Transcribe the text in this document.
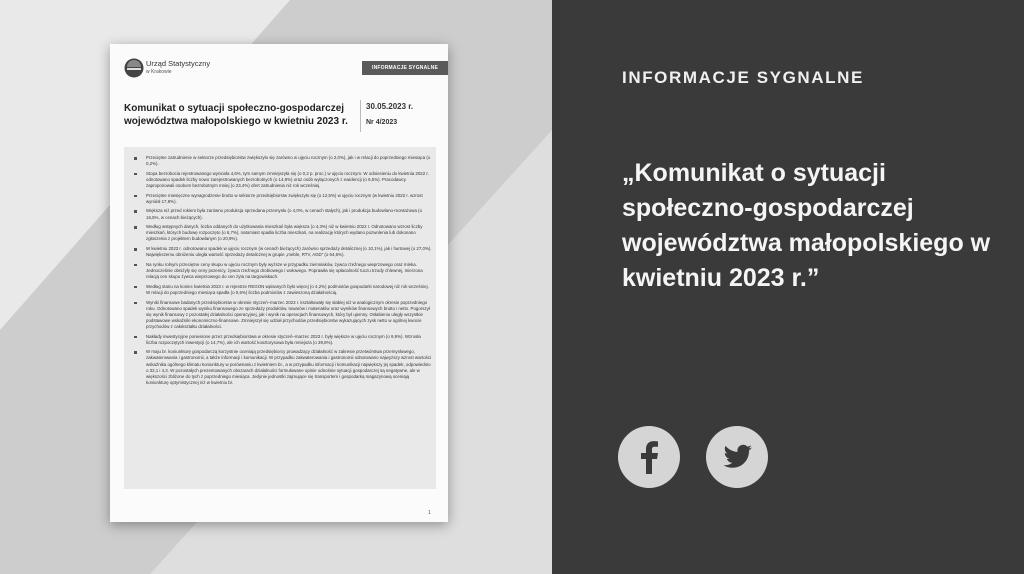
Urząd Statystyczny
w Krakowie
INFORMACJE SYGNALNE
Komunikat o sytuacji społeczno-gospodarczej województwa małopolskiego w kwietniu 2023 r.
30.05.2023 r.
Nr 4/2023
Przeciętne zatrudnienie w sektorze przedsiębiorstw zwiększyło się zarówno w ujęciu rocznym (o 2,0%), jak i w relacji do poprzedniego miesiąca (o 0,2%).
Stopa bezrobocia rejestrowanego wyniosła 4,6%, tym samym zmniejszyła się (o 0,2 p. proc.) w ujęciu rocznym. W odniesieniu do kwietnia 2022 r. odnotowano spadek liczby nowo zarejestrowanych bezrobotnych (o 14,8%) oraz osób wyłączonych z ewidencji (o 6,5%). Pracodawcy zaproponowali osobom bezrobotnym mniej (o 23,4%) ofert zatrudnienia niż rok wcześniej.
Przeciętne miesięczne wynagrodzenie brutto w sektorze przedsiębiorstw zwiększyło się (o 12,5%) w ujęciu rocznym (w kwietniu 2022 r. wzrost wyniósł 17,8%).
Większa niż przed rokiem była zarówno produkcja sprzedana przemysłu (o 4,0%, w cenach stałych), jak i produkcja budowlano-montażowa (o 16,5%, w cenach bieżących).
Według wstępnych danych, liczba oddanych do użytkowania mieszkań była większa (o 4,3%) niż w kwietniu 2022 r. Odnotowano wzrost liczby mieszkań, których budowę rozpoczęto (o 6,7%), natomiast spadła liczba mieszkań, na realizację których wydano pozwolenia lub dokonano zgłoszenia z projektem budowlanym (o 20,9%).
W kwietniu 2023 r. odnotowano spadek w ujęciu rocznym (w cenach bieżących) zarówno sprzedaży detalicznej (o 10,1%), jak i hurtowej (o 27,0%). Największemu obniżeniu uległa wartość sprzedaży detalicznej w grupie „meble, RTV, AGD” (o 64,6%).
Na rynku rolnym przeciętne ceny skupu w ujęciu rocznym były wyższe w przypadku ziemniaków, żywca rzeźnego wieprzowego oraz mleka. Jednocześnie obniżyły się ceny pszenicy, żywca rzeźnego drobiowego i wołowego. Poprawiła się opłacalność tuczu trzody chlewnej, mierzona relacją cen skupu żywca wieprzowego do cen żyta na targowiskach.
Według stanu na koniec kwietnia 2023 r. w rejestrze REGON wpisanych było więcej (o 4,2%) podmiotów gospodarki narodowej niż rok wcześniej. W relacji do poprzedniego miesiąca spadła (o 0,6%) liczba podmiotów z zawieszoną działalnością.
Wyniki finansowe badanych przedsiębiorstw w okresie styczeń–marzec 2023 r. kształtowały się słabiej niż w analogicznym okresie poprzedniego roku. Odnotowano spadek wyniku finansowego ze sprzedaży produktów, towarów i materiałów oraz wyników finansowych brutto i netto. Pogorszył się wynik finansowy z pozostałej działalności operacyjnej, jak i wynik na operacjach finansowych, który był ujemny. Osłabieniu uległy wszystkie podstawowe wskaźniki ekonomiczno-finansowe. Zmniejszył się udział przychodów przedsiębiorstw wykazujących zysk netto w ogólnej kwocie przychodów z całokształtu działalności.
Nakłady inwestycyjne poniesione przez przedsiębiorstwa w okresie styczeń–marzec 2023 r. były większe w ujęciu rocznym (o 9,9%). Wzrosła liczba rozpoczętych inwestycji (o 14,7%), ale ich wartość kosztorysowa była mniejsza (o 39,8%).
W maju br. koniunkturę gospodarczą korzystnie oceniają przedsiębiorcy prowadzący działalność w zakresie przetwórstwa przemysłowego, zakwaterowania i gastronomii, a także informacji i komunikacji. W przypadku zakwaterowania i gastronomii odnotowano najwyższy wzrost wartości wskaźnika ogólnego klimatu koniunktury w porównaniu z kwietniem br., a w przypadku informacji i komunikacji największy jej spadek, odpowiednio o 32,1 i 4,3. W pozostałych prezentowanych obszarach działalności formułowane opinie odnośnie sytuacji gospodarczej są negatywne, ale w większości zbliżone do tych z poprzedniego miesiąca. Jedynie jednostki zajmujące się transportem i gospodarką magazynową oceniają koniunkturę optymistycznej niż w kwietniu br.
1
INFORMACJE SYGNALNE
„Komunikat o sytuacji społeczno-gospodarczej województwa małopolskiego w kwietniu 2023 r.”
